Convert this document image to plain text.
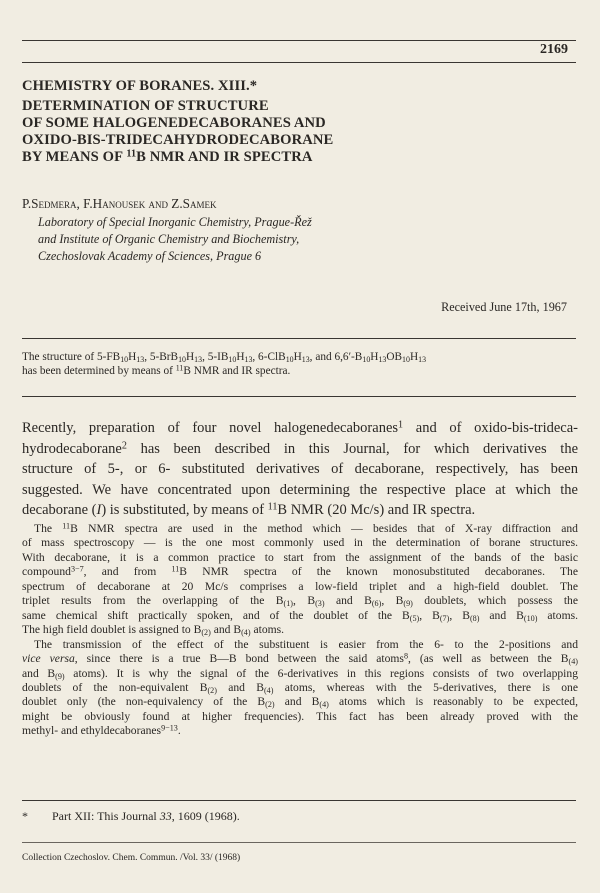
2169
CHEMISTRY OF BORANES. XIII.*
DETERMINATION OF STRUCTURE
OF SOME HALOGENEDECABORANES AND
OXIDO-BIS-TRIDECAHYDRODECABORANE
BY MEANS OF $^{11}$B NMR AND IR SPECTRA
P.Sedmera, F.Hanousek and Z.Samek
Laboratory of Special Inorganic Chemistry, Prague-Řež
and Institute of Organic Chemistry and Biochemistry,
Czechoslovak Academy of Sciences, Prague 6
Received June 17th, 1967
The structure of $5-FB_{10}H_{13}$, $5-BrB_{10}H_{13}$, $5-IB_{10}H_{13}$, $6-ClB_{10}H_{13}$, and $6,6'-B_{10}H_{13}OB_{10}H_{13}$
has been determined by means of $^{11}$B NMR and IR spectra.
Recently, preparation of four novel halogenedecaboranes$^1$ and of oxido-bis-trideca-
hydrodecaborane$^2$ has been described in this Journal, for which derivatives the
structure of 5-, or 6- substituted derivatives of decaborane, respectively, has been
suggested. We have concentrated upon determining the respective place at which the
decaborane (I) is substituted, by means of $^{11}$B NMR (20 Mc/s) and IR spectra.
The $^{11}$B NMR spectra are used in the method which — besides that of X-ray diffraction and
of mass spectroscopy — is the one most commonly used in the determination of borane structures.
With decaborane, it is a common practice to start from the assignment of the bands of the basic
compound$^{3-7}$, and from $^{11}$B NMR spectra of the known monosubstituted decaboranes. The
spectrum of decaborane at 20 Mc/s comprises a low-field triplet and a high-field doublet. The
triplet results from the overlapping of the $B_{(1)}$, $B_{(3)}$ and $B_{(6)}$, $B_{(9)}$ doublets, which possess the
same chemical shift practically spoken, and of the doublet of the $B_{(5)}$, $B_{(7)}$, $B_{(8)}$ and $B_{(10)}$ atoms.
The high field doublet is assigned to $B_{(2)}$ and $B_{(4)}$ atoms.
The transmission of the effect of the substituent is easier from the 6- to the 2-positions and
vice versa, since there is a true B—B bond between the said atoms$^8$, (as well as between the $B_{(4)}$
and $B_{(9)}$ atoms). It is why the signal of the 6-derivatives in this regions consists of two overlapping
doublets of the non-equivalent $B_{(2)}$ and $B_{(4)}$ atoms, whereas with the 5-derivatives, there is one
doublet only (the non-equivalency of the $B_{(2)}$ and $B_{(4)}$ atoms which is reasonably to be expected,
might be obviously found at higher frequencies). This fact has been already proved with the
methyl- and ethyldecaboranes$^{9-13}$.
* Part XII: This Journal 33, 1609 (1968).
Collection Czechoslov. Chem. Commun. /Vol. 33/ (1968)
